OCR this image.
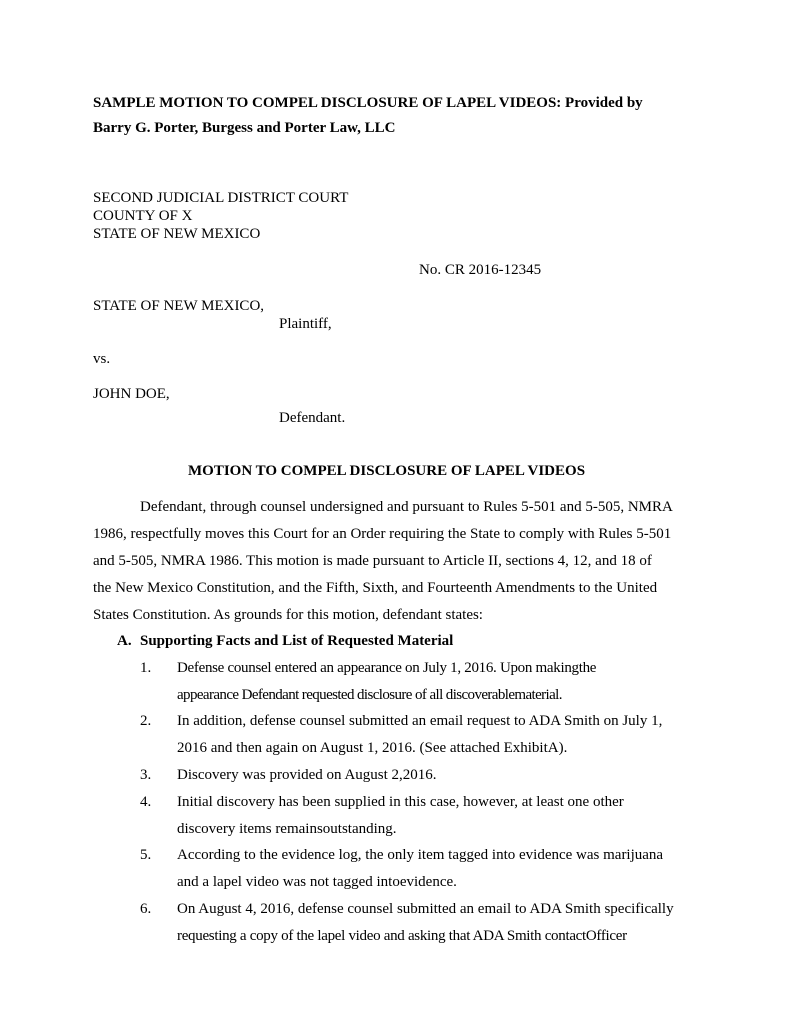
SAMPLE MOTION TO COMPEL DISCLOSURE OF LAPEL VIDEOS: Provided by
Barry G. Porter, Burgess and Porter Law, LLC
SECOND JUDICIAL DISTRICT COURT
COUNTY OF X
STATE OF NEW MEXICO
No. CR 2016-12345
STATE OF NEW MEXICO,
Plaintiff,
vs.
JOHN DOE,
Defendant.
MOTION TO COMPEL DISCLOSURE OF LAPEL VIDEOS
Defendant, through counsel undersigned and pursuant to Rules 5-501 and 5-505, NMRA
1986, respectfully moves this Court for an Order requiring the State to comply with Rules 5-501
and 5-505, NMRA 1986. This motion is made pursuant to Article II, sections 4, 12, and 18 of
the New Mexico Constitution, and the Fifth, Sixth, and Fourteenth Amendments to the United
States Constitution. As grounds for this motion, defendant states:
A. Supporting Facts and List of Requested Material
1. Defense counsel entered an appearance on July 1, 2016. Upon makingthe
appearance Defendant requested disclosure of all discoverablematerial.
2. In addition, defense counsel submitted an email request to ADA Smith on July 1,
2016 and then again on August 1, 2016. (See attached ExhibitA).
3. Discovery was provided on August 2,2016.
4. Initial discovery has been supplied in this case, however, at least one other
discovery items remainsoutstanding.
5. According to the evidence log, the only item tagged into evidence was marijuana
and a lapel video was not tagged intoevidence.
6. On August 4, 2016, defense counsel submitted an email to ADA Smith specifically
requesting a copy of the lapel video and asking that ADA Smith contactOfficer
